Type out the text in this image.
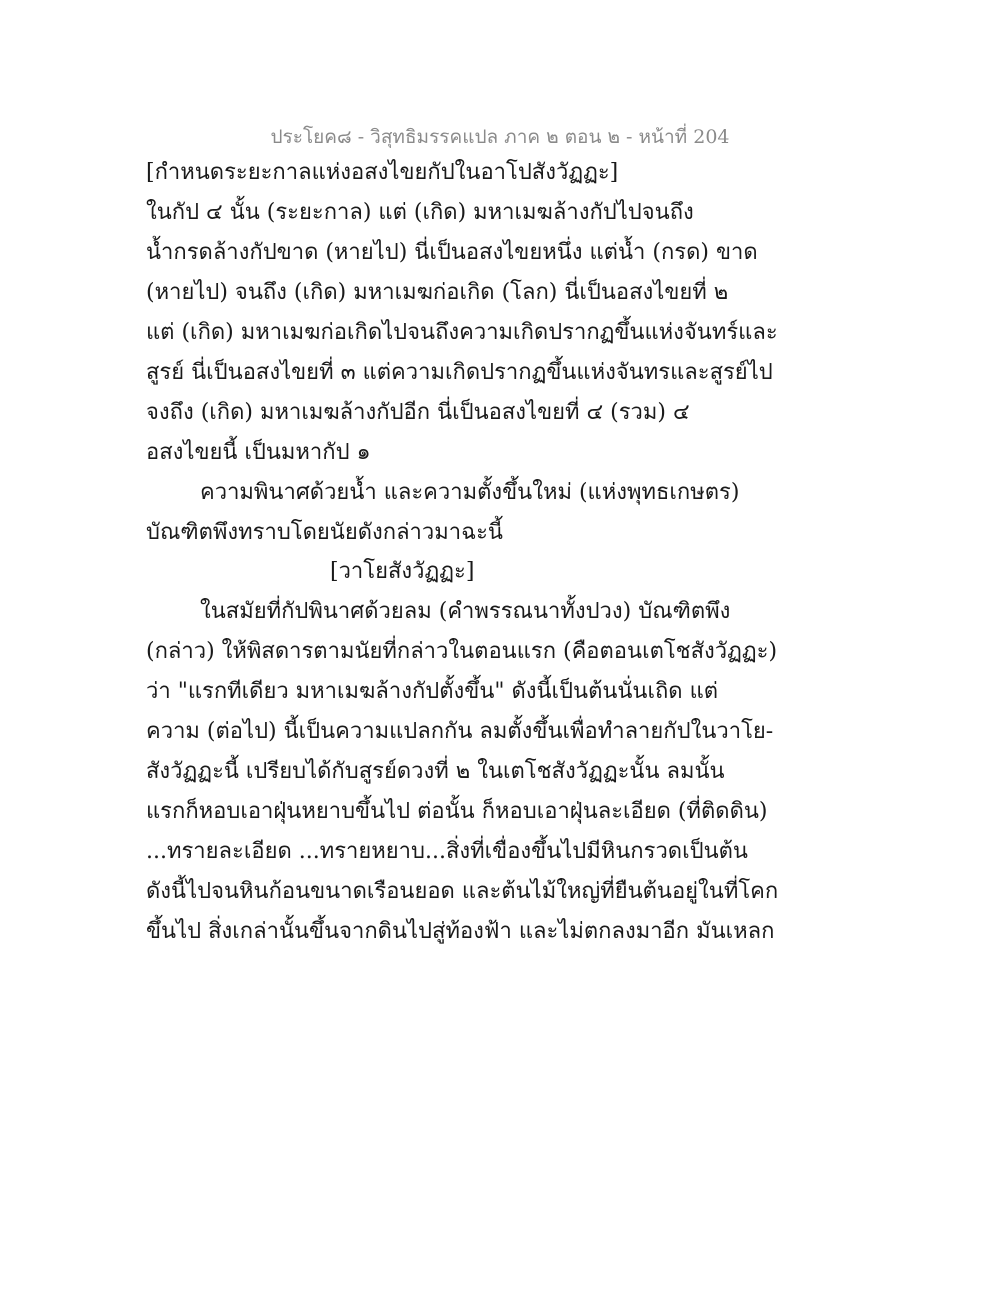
ประโยค๘ - วิสุทธิมรรคแปล ภาค ๒ ตอน ๒ - หน้าที่ 204
[กำหนดระยะกาลแห่งอสงไขยกัปในอาโปสังวัฏฏะ]
ในกัป ๔ นั้น (ระยะกาล) แต่ (เกิด) มหาเมฆล้างกัปไปจนถึง
น้ำกรดล้างกัปขาด (หายไป) นี่เป็นอสงไขยหนึ่ง แต่น้ำ (กรด) ขาด
(หายไป) จนถึง (เกิด) มหาเมฆก่อเกิด (โลก) นี่เป็นอสงไขยที่ ๒
แต่ (เกิด) มหาเมฆก่อเกิดไปจนถึงความเกิดปรากฏขึ้นแห่งจันทร์และ
สูรย์ นี่เป็นอสงไขยที่ ๓ แต่ความเกิดปรากฏขึ้นแห่งจันทรและสูรย์ไป
จงถึง (เกิด) มหาเมฆล้างกัปอีก นี่เป็นอสงไขยที่ ๔ (รวม) ๔
อสงไขยนี้ เป็นมหากัป ๑
ความพินาศด้วยน้ำ และความตั้งขึ้นใหม่ (แห่งพุทธเกษตร)
บัณฑิตพึงทราบโดยนัยดังกล่าวมาฉะนี้
[วาโยสังวัฏฏะ]
ในสมัยที่กัปพินาศด้วยลม (คำพรรณนาทั้งปวง) บัณฑิตพึง
(กล่าว) ให้พิสดารตามนัยที่กล่าวในตอนแรก (คือตอนเตโชสังวัฏฏะ)
ว่า "แรกทีเดียว มหาเมฆล้างกัปตั้งขึ้น" ดังนี้เป็นต้นนั่นเถิด แต่
ความ (ต่อไป) นี้เป็นความแปลกกัน ลมตั้งขึ้นเพื่อทำลายกัปในวาโย-
สังวัฏฏะนี้ เปรียบได้กับสูรย์ดวงที่ ๒ ในเตโชสังวัฏฏะนั้น ลมนั้น
แรกก็หอบเอาฝุ่นหยาบขึ้นไป ต่อนั้น ก็หอบเอาฝุ่นละเอียด (ที่ติดดิน)
...ทรายละเอียด ...ทรายหยาบ...สิ่งที่เขื่องขึ้นไปมีหินกรวดเป็นต้น
ดังนี้ไปจนหินก้อนขนาดเรือนยอด และต้นไม้ใหญ่ที่ยืนต้นอยู่ในที่โคก
ขึ้นไป สิ่งเกล่านั้นขึ้นจากดินไปสู่ท้องฟ้า และไม่ตกลงมาอีก มันเหลก
